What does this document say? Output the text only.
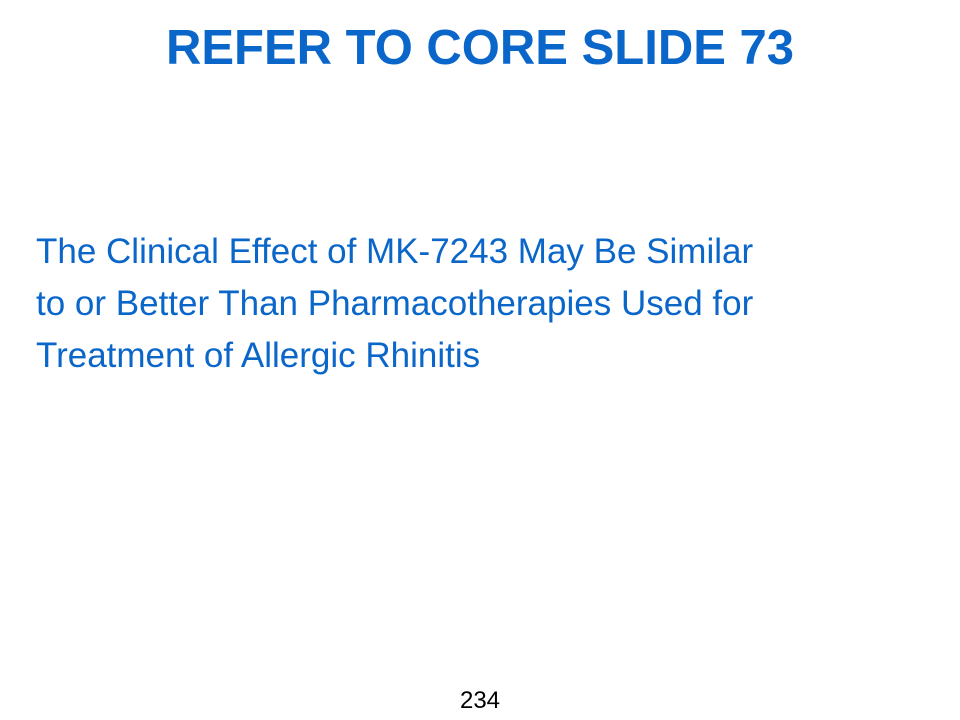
REFER TO CORE SLIDE 73

The Clinical Effect of MK-7243 May Be Similar
to or Better Than Pharmacotherapies Used for
Treatment of Allergic Rhinitis

234
